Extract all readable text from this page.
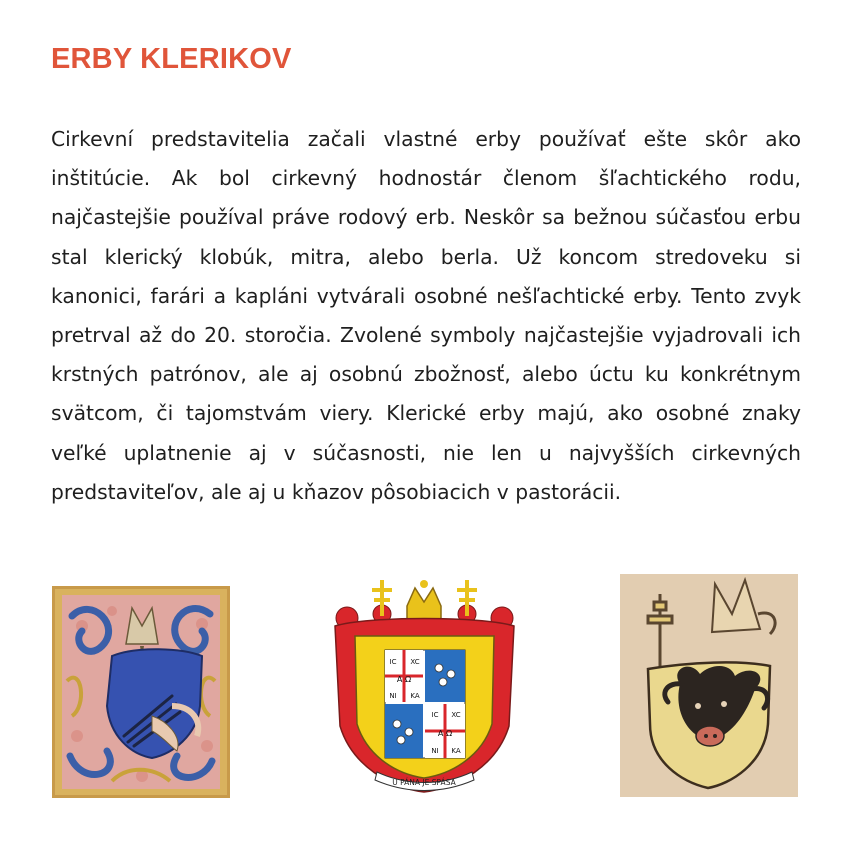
ERBY KLERIKOV

Cirkevní predstavitelia začali vlastné erby používať ešte skôr ako inštitúcie. Ak bol cirkevný hodnostár členom šľachtického rodu, najčastejšie používal práve rodový erb. Neskôr sa bežnou súčasťou erbu stal klerický klobúk, mitra, alebo berla. Už koncom stredoveku si kanonici, farári a kapláni vytvárali osobné nešľachtické erby. Tento zvyk pretrval až do 20. storočia. Zvolené symboly najčastejšie vyjadrovali ich krstných patrónov, ale aj osobnú zbožnosť, alebo úctu ku konkrétnym svätcom, či tajomstvám viery. Klerické erby majú, ako osobné znaky veľké uplatnenie aj v súčasnosti, nie len u najvyšších cirkevných predstaviteľov, ale aj u kňazov pôsobiacich v pastorácii.

IC XC
A Ω
NI KA
IC XC
A Ω
NI KA
U PÁNA JE SPÁSA
